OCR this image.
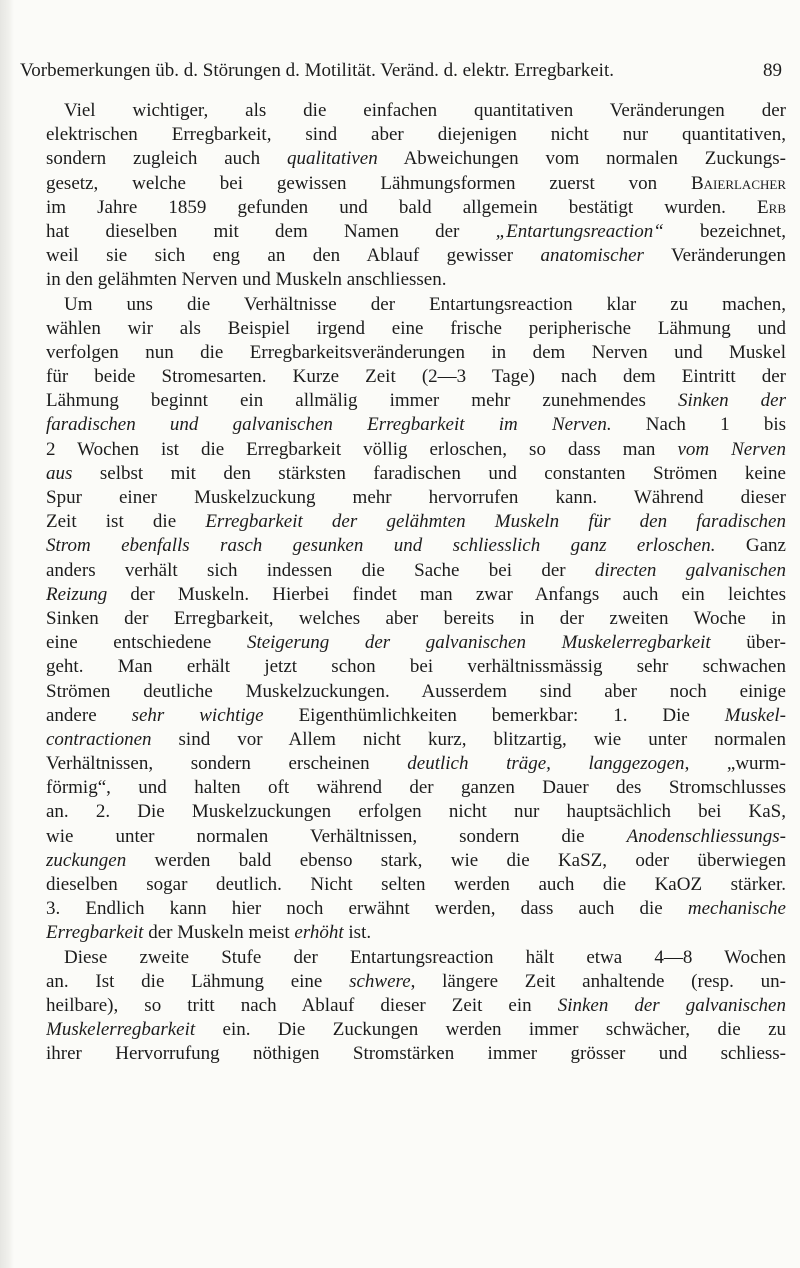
Vorbemerkungen üb. d. Störungen d. Motilität. Veränd. d. elektr. Erregbarkeit.	89
Viel wichtiger, als die einfachen quantitativen Veränderungen der
elektrischen Erregbarkeit, sind aber diejenigen nicht nur quantitativen,
sondern zugleich auch qualitativen Abweichungen vom normalen Zuckungs-
gesetz, welche bei gewissen Lähmungsformen zuerst von Baierlacher
im Jahre 1859 gefunden und bald allgemein bestätigt wurden. Erb
hat dieselben mit dem Namen der „Entartungsreaction“ bezeichnet,
weil sie sich eng an den Ablauf gewisser anatomischer Veränderungen
in den gelähmten Nerven und Muskeln anschliessen.
Um uns die Verhältnisse der Entartungsreaction klar zu machen,
wählen wir als Beispiel irgend eine frische peripherische Lähmung und
verfolgen nun die Erregbarkeitsveränderungen in dem Nerven und Muskel
für beide Stromesarten. Kurze Zeit (2—3 Tage) nach dem Eintritt der
Lähmung beginnt ein allmälig immer mehr zunehmendes Sinken der
faradischen und galvanischen Erregbarkeit im Nerven. Nach 1 bis
2 Wochen ist die Erregbarkeit völlig erloschen, so dass man vom Nerven
aus selbst mit den stärksten faradischen und constanten Strömen keine
Spur einer Muskelzuckung mehr hervorrufen kann. Während dieser
Zeit ist die Erregbarkeit der gelähmten Muskeln für den faradischen
Strom ebenfalls rasch gesunken und schliesslich ganz erloschen. Ganz
anders verhält sich indessen die Sache bei der directen galvanischen
Reizung der Muskeln. Hierbei findet man zwar Anfangs auch ein leichtes
Sinken der Erregbarkeit, welches aber bereits in der zweiten Woche in
eine entschiedene Steigerung der galvanischen Muskelerregbarkeit über-
geht. Man erhält jetzt schon bei verhältnissmässig sehr schwachen
Strömen deutliche Muskelzuckungen. Ausserdem sind aber noch einige
andere sehr wichtige Eigenthümlichkeiten bemerkbar: 1. Die Muskel-
contractionen sind vor Allem nicht kurz, blitzartig, wie unter normalen
Verhältnissen, sondern erscheinen deutlich träge, langgezogen, „wurm-
förmig“, und halten oft während der ganzen Dauer des Stromschlusses
an. 2. Die Muskelzuckungen erfolgen nicht nur hauptsächlich bei KaS,
wie unter normalen Verhältnissen, sondern die Anodenschliessungs-
zuckungen werden bald ebenso stark, wie die KaSZ, oder überwiegen
dieselben sogar deutlich. Nicht selten werden auch die KaOZ stärker.
3. Endlich kann hier noch erwähnt werden, dass auch die mechanische
Erregbarkeit der Muskeln meist erhöht ist.
Diese zweite Stufe der Entartungsreaction hält etwa 4—8 Wochen
an. Ist die Lähmung eine schwere, längere Zeit anhaltende (resp. un-
heilbare), so tritt nach Ablauf dieser Zeit ein Sinken der galvanischen
Muskelerregbarkeit ein. Die Zuckungen werden immer schwächer, die zu
ihrer Hervorrufung nöthigen Stromstärken immer grösser und schliess-
